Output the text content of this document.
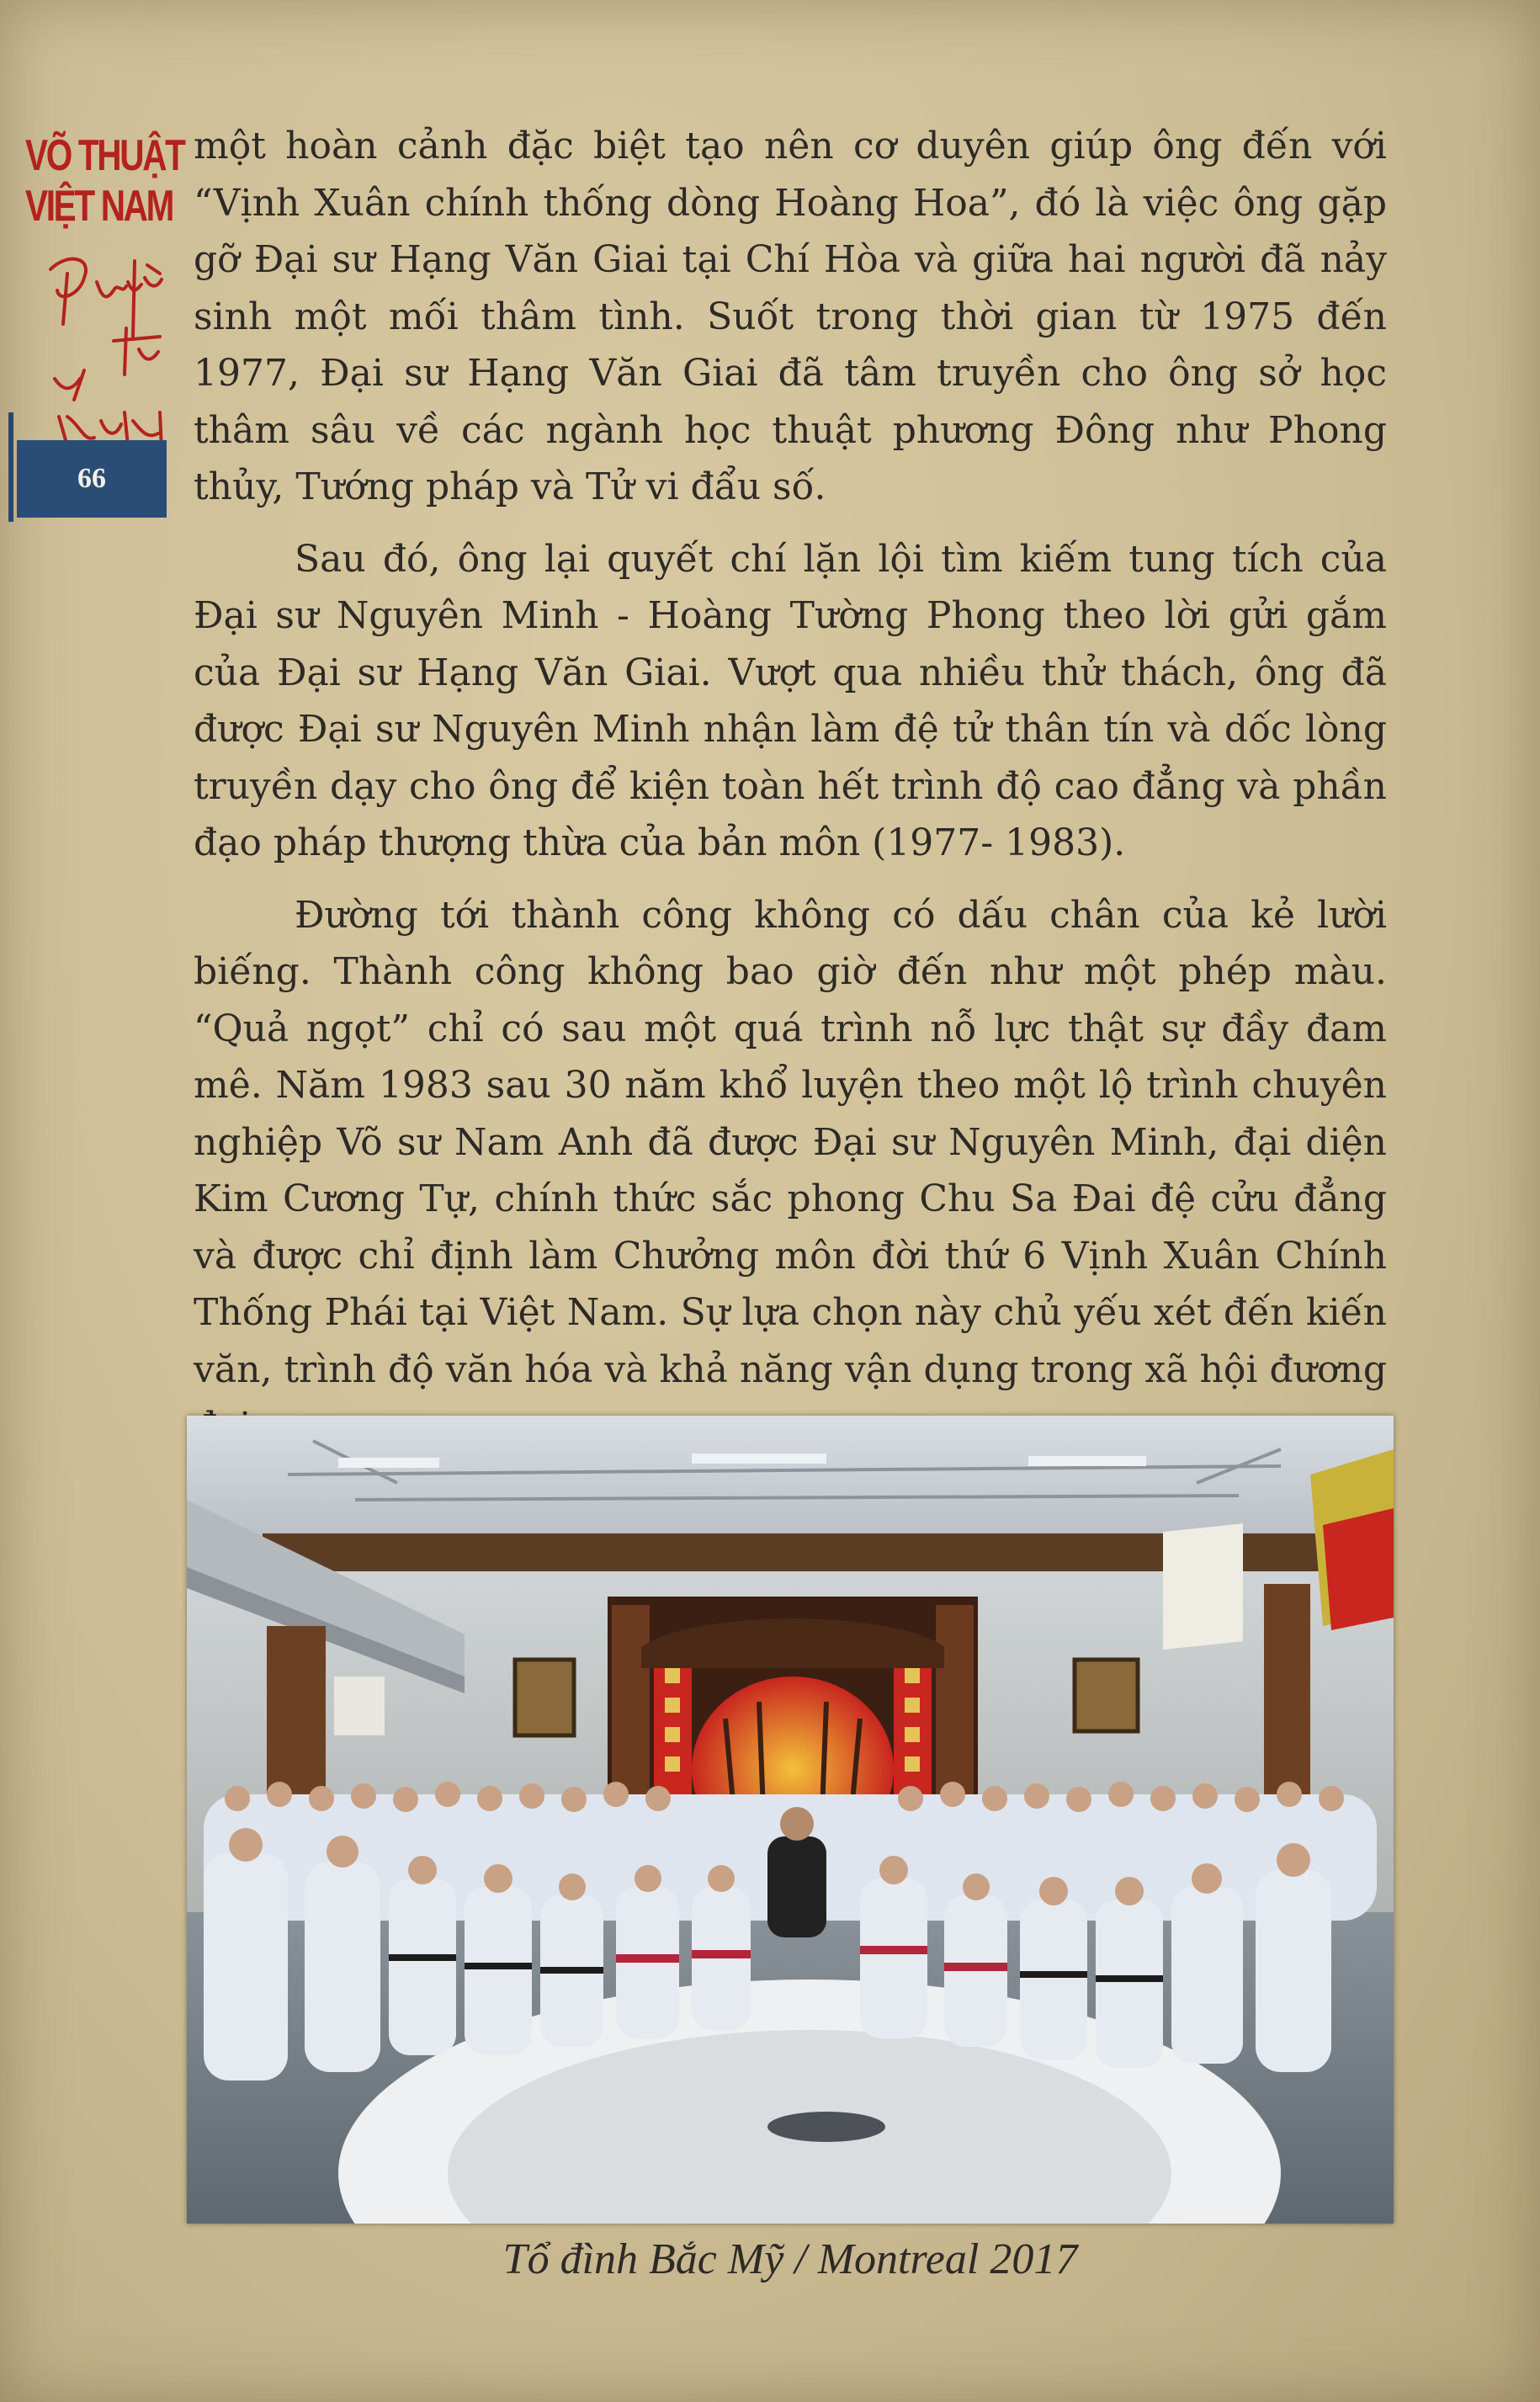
VÕ THUẬT
VIỆT NAM
66

một hoàn cảnh đặc biệt tạo nên cơ duyên giúp ông đến với “Vịnh Xuân chính thống dòng Hoàng Hoa”, đó là việc ông gặp gỡ Đại sư Hạng Văn Giai tại Chí Hòa và giữa hai người đã nảy sinh một mối thâm tình. Suốt trong thời gian từ 1975 đến 1977, Đại sư Hạng Văn Giai đã tâm truyền cho ông sở học thâm sâu về các ngành học thuật phương Đông như Phong thủy, Tướng pháp và Tử vi đẩu số.

Sau đó, ông lại quyết chí lặn lội tìm kiếm tung tích của Đại sư Nguyên Minh - Hoàng Tường Phong theo lời gửi gắm của Đại sư Hạng Văn Giai. Vượt qua nhiều thử thách, ông đã được Đại sư Nguyên Minh nhận làm đệ tử thân tín và dốc lòng truyền dạy cho ông để kiện toàn hết trình độ cao đẳng và phần đạo pháp thượng thừa của bản môn (1977- 1983).

Đường tới thành công không có dấu chân của kẻ lười biếng. Thành công không bao giờ đến như một phép màu. “Quả ngọt” chỉ có sau một quá trình nỗ lực thật sự đầy đam mê. Năm 1983 sau 30 năm khổ luyện theo một lộ trình chuyên nghiệp Võ sư Nam Anh đã được Đại sư Nguyên Minh, đại diện Kim Cương Tự, chính thức sắc phong Chu Sa Đai đệ cửu đẳng và được chỉ định làm Chưởng môn đời thứ 6 Vịnh Xuân Chính Thống Phái tại Việt Nam. Sự lựa chọn này chủ yếu xét đến kiến văn, trình độ văn hóa và khả năng vận dụng trong xã hội đương

Tổ đình Bắc Mỹ / Montreal 2017
